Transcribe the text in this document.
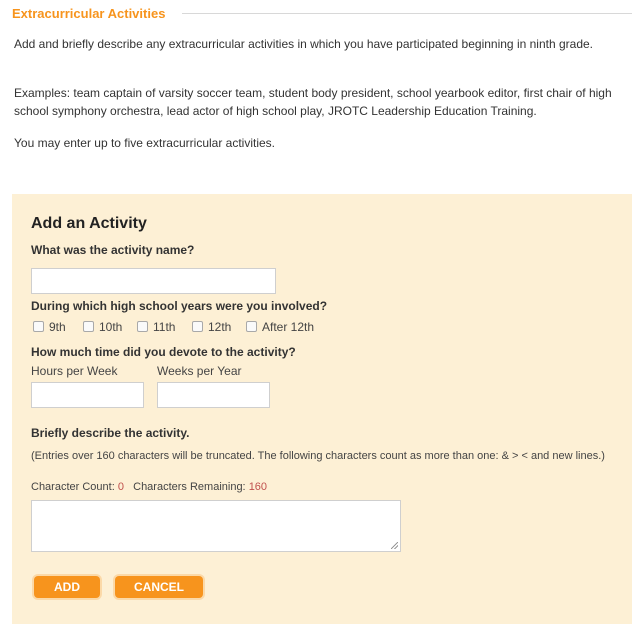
Extracurricular Activities

Add and briefly describe any extracurricular activities in which you have participated beginning in ninth grade.

Examples: team captain of varsity soccer team, student body president, school yearbook editor, first chair of high school symphony orchestra, lead actor of high school play, JROTC Leadership Education Training.

You may enter up to five extracurricular activities.

Add an Activity
What was the activity name?
During which high school years were you involved?
9th	10th	11th	12th	After 12th
How much time did you devote to the activity?
Hours per Week	Weeks per Year
Briefly describe the activity.
(Entries over 160 characters will be truncated. The following characters count as more than one: & > < and new lines.)
Character Count: 0 Characters Remaining: 160
ADD	CANCEL
